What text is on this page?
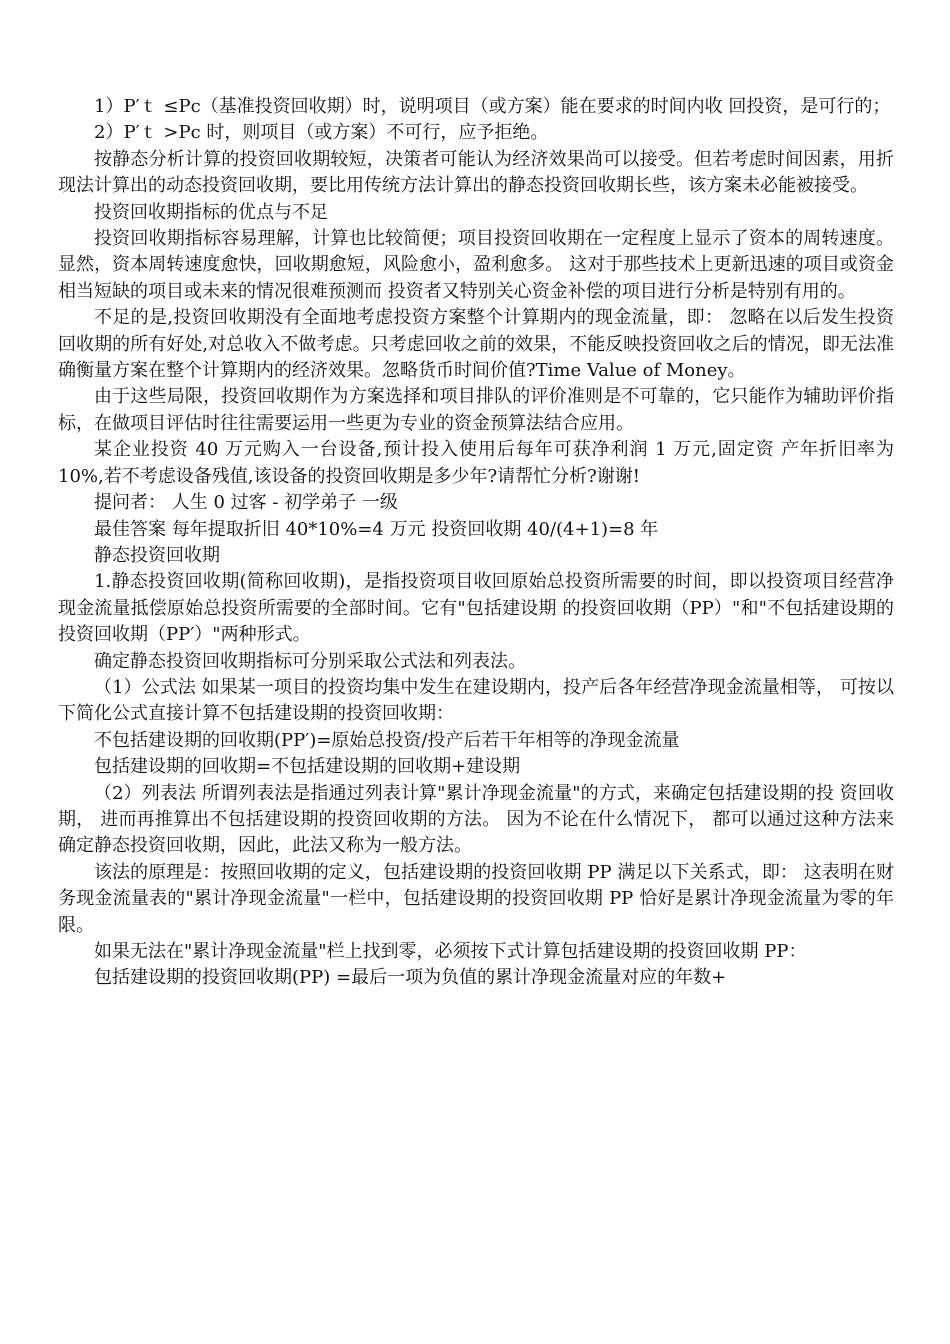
1）P′ｔ ≤Pc（基准投资回收期）时，说明项目（或方案）能在要求的时间内收 回投资，是可行的；

2）P′ｔ >Pc 时，则项目（或方案）不可行，应予拒绝。

按静态分析计算的投资回收期较短，决策者可能认为经济效果尚可以接受。但若考虑时间因素，用折现法计算出的动态投资回收期，要比用传统方法计算出的静态投资回收期长些，该方案未必能被接受。

投资回收期指标的优点与不足

投资回收期指标容易理解，计算也比较简便；项目投资回收期在一定程度上显示了资本的周转速度。显然，资本周转速度愈快，回收期愈短，风险愈小，盈利愈多。 这对于那些技术上更新迅速的项目或资金相当短缺的项目或未来的情况很难预测而 投资者又特别关心资金补偿的项目进行分析是特别有用的。

不足的是,投资回收期没有全面地考虑投资方案整个计算期内的现金流量，即： 忽略在以后发生投资回收期的所有好处,对总收入不做考虑。只考虑回收之前的效果，不能反映投资回收之后的情况，即无法准确衡量方案在整个计算期内的经济效果。忽略货币时间价值?Time Value of Money。

由于这些局限，投资回收期作为方案选择和项目排队的评价准则是不可靠的，它只能作为辅助评价指标，在做项目评估时往往需要运用一些更为专业的资金预算法结合应用。

某企业投资 40 万元购入一台设备,预计投入使用后每年可获净利润 1 万元,固定资 产年折旧率为 10%,若不考虑设备残值,该设备的投资回收期是多少年?请帮忙分析?谢谢!

提问者： 人生 0 过客 - 初学弟子 一级

最佳答案 每年提取折旧 40*10%=4 万元 投资回收期 40/(4+1)=8 年

静态投资回收期

1.静态投资回收期(简称回收期)，是指投资项目收回原始总投资所需要的时间，即以投资项目经营净现金流量抵偿原始总投资所需要的全部时间。它有"包括建设期 的投资回收期（PP）"和"不包括建设期的投资回收期（PP′）"两种形式。

确定静态投资回收期指标可分别采取公式法和列表法。

（1）公式法 如果某一项目的投资均集中发生在建设期内，投产后各年经营净现金流量相等， 可按以下简化公式直接计算不包括建设期的投资回收期：

不包括建设期的回收期(PP′)=原始总投资/投产后若干年相等的净现金流量

包括建设期的回收期=不包括建设期的回收期+建设期

（2）列表法 所谓列表法是指通过列表计算"累计净现金流量"的方式，来确定包括建设期的投 资回收期， 进而再推算出不包括建设期的投资回收期的方法。 因为不论在什么情况下， 都可以通过这种方法来确定静态投资回收期，因此，此法又称为一般方法。

该法的原理是：按照回收期的定义，包括建设期的投资回收期 PP 满足以下关系式，即： 这表明在财务现金流量表的"累计净现金流量"一栏中，包括建设期的投资回收期 PP 恰好是累计净现金流量为零的年限。

如果无法在"累计净现金流量"栏上找到零，必须按下式计算包括建设期的投资回收期 PP：

包括建设期的投资回收期(PP) =最后一项为负值的累计净现金流量对应的年数+
